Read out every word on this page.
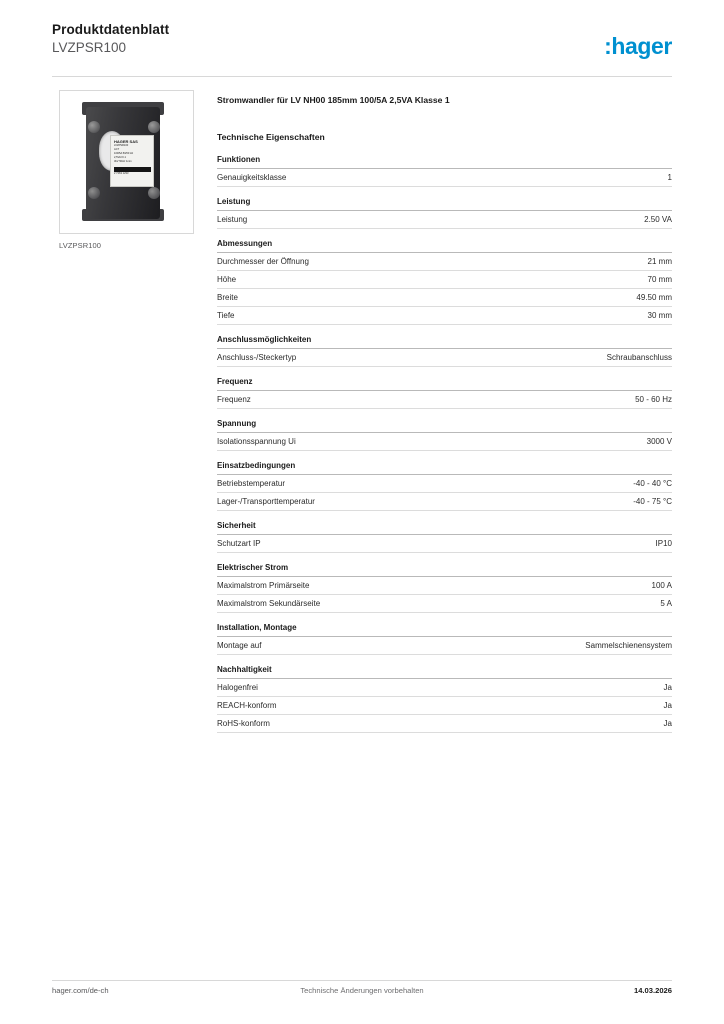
Produktdatenblatt
LVZPSR100	:hager
HAGER SAS
LVZPSR100
ACT
100/5A 50/60 Hz
2,5VA Kl.1
3kV 50Hz 1min
2 7263 1233
LVZPSR100
Stromwandler für LV NH00 185mm 100/5A 2,5VA Klasse 1
Technische Eigenschaften
Funktionen
Genauigkeitsklasse	1
Leistung
Leistung	2.50 VA
Abmessungen
Durchmesser der Öffnung	21 mm
Höhe	70 mm
Breite	49.50 mm
Tiefe	30 mm
Anschlussmöglichkeiten
Anschluss-/Steckertyp	Schraubanschluss
Frequenz
Frequenz	50 - 60 Hz
Spannung
Isolationsspannung Ui	3000 V
Einsatzbedingungen
Betriebstemperatur	-40 - 40 °C
Lager-/Transporttemperatur	-40 - 75 °C
Sicherheit
Schutzart IP	IP10
Elektrischer Strom
Maximalstrom Primärseite	100 A
Maximalstrom Sekundärseite	5 A
Installation, Montage
Montage auf	Sammelschienensystem
Nachhaltigkeit
Halogenfrei	Ja
REACH-konform	Ja
RoHS-konform	Ja
hager.com/de-ch	Technische Änderungen vorbehalten	14.03.2026
